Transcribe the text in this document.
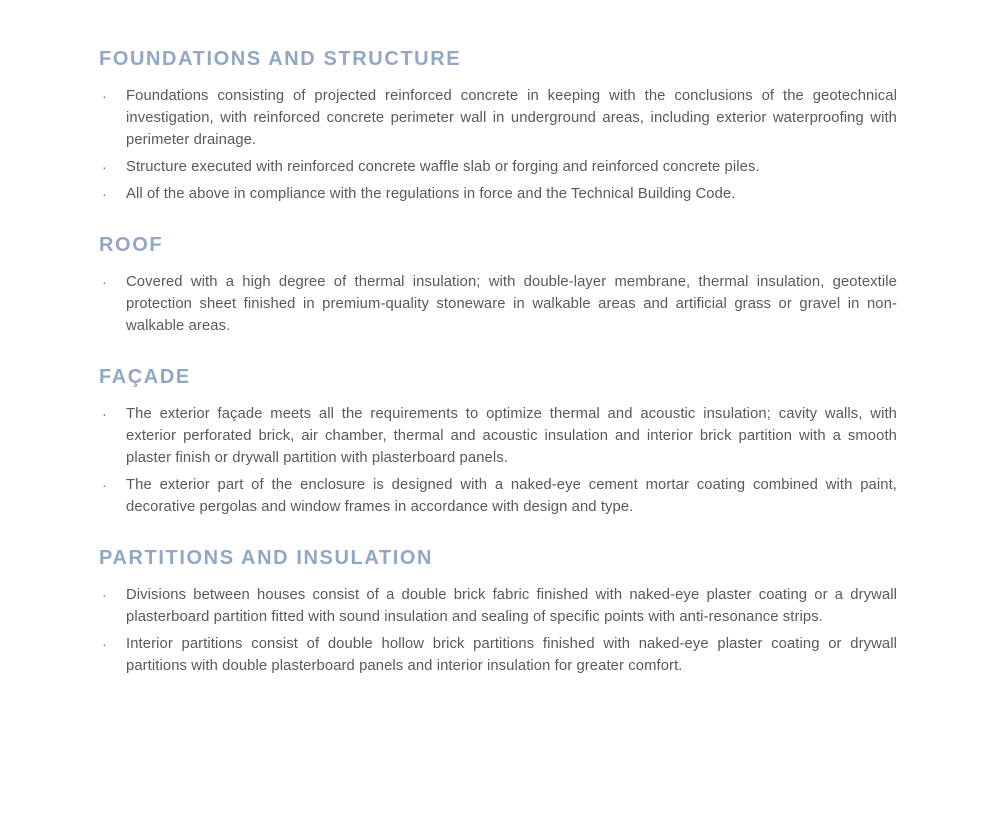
FOUNDATIONS AND STRUCTURE
·	Foundations consisting of projected reinforced concrete in keeping with the conclusions of the geotechnical investigation, with reinforced concrete perimeter wall in underground areas, including exterior waterproofing with perimeter drainage.
·	Structure executed with reinforced concrete waffle slab or forging and reinforced concrete piles.
·	All of the above in compliance with the regulations in force and the Technical Building Code.
ROOF
·	Covered with a high degree of thermal insulation; with double-layer membrane, thermal insulation, geotextile protection sheet finished in premium-quality stoneware in walkable areas and artificial grass or gravel in non-walkable areas.
FAÇADE
·	The exterior façade meets all the requirements to optimize thermal and acoustic insulation; cavity walls, with exterior perforated brick, air chamber, thermal and acoustic insulation and interior brick partition with a smooth plaster finish or drywall partition with plasterboard panels.
·	The exterior part of the enclosure is designed with a naked-eye cement mortar coating combined with paint, decorative pergolas and window frames in accordance with design and type.
PARTITIONS AND INSULATION
·	Divisions between houses consist of a double brick fabric finished with naked-eye plaster coating or a drywall plasterboard partition fitted with sound insulation and sealing of specific points with anti-resonance strips.
·	Interior partitions consist of double hollow brick partitions finished with naked-eye plaster coating or drywall partitions with double plasterboard panels and interior insulation for greater comfort.
